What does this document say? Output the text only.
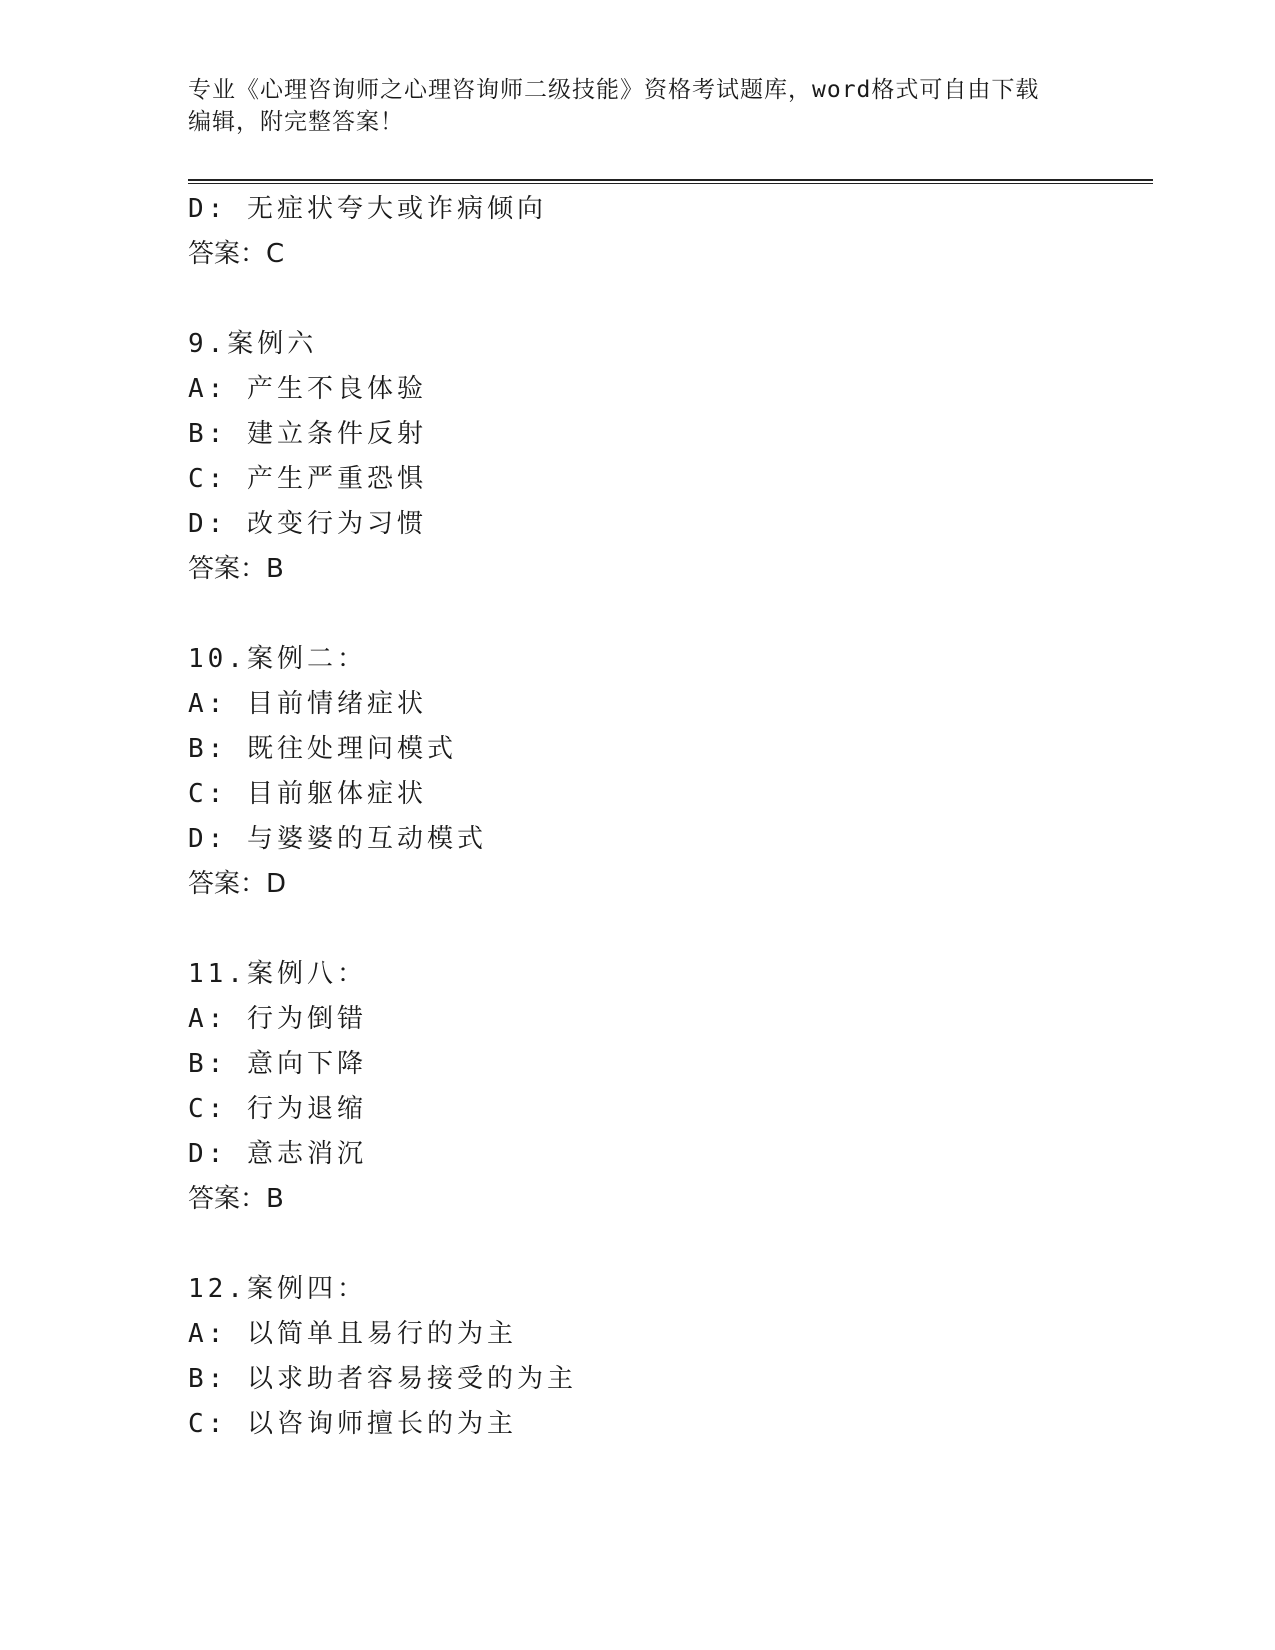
专业《心理咨询师之心理咨询师二级技能》资格考试题库，word格式可自由下载
编辑，附完整答案！
D: 无症状夸大或诈病倾向
答案：C
9.案例六
A: 产生不良体验
B: 建立条件反射
C: 产生严重恐惧
D: 改变行为习惯
答案：B
10.案例二：
A: 目前情绪症状
B: 既往处理问模式
C: 目前躯体症状
D: 与婆婆的互动模式
答案：D
11.案例八：
A: 行为倒错
B: 意向下降
C: 行为退缩
D: 意志消沉
答案：B
12.案例四：
A: 以简单且易行的为主
B: 以求助者容易接受的为主
C: 以咨询师擅长的为主
